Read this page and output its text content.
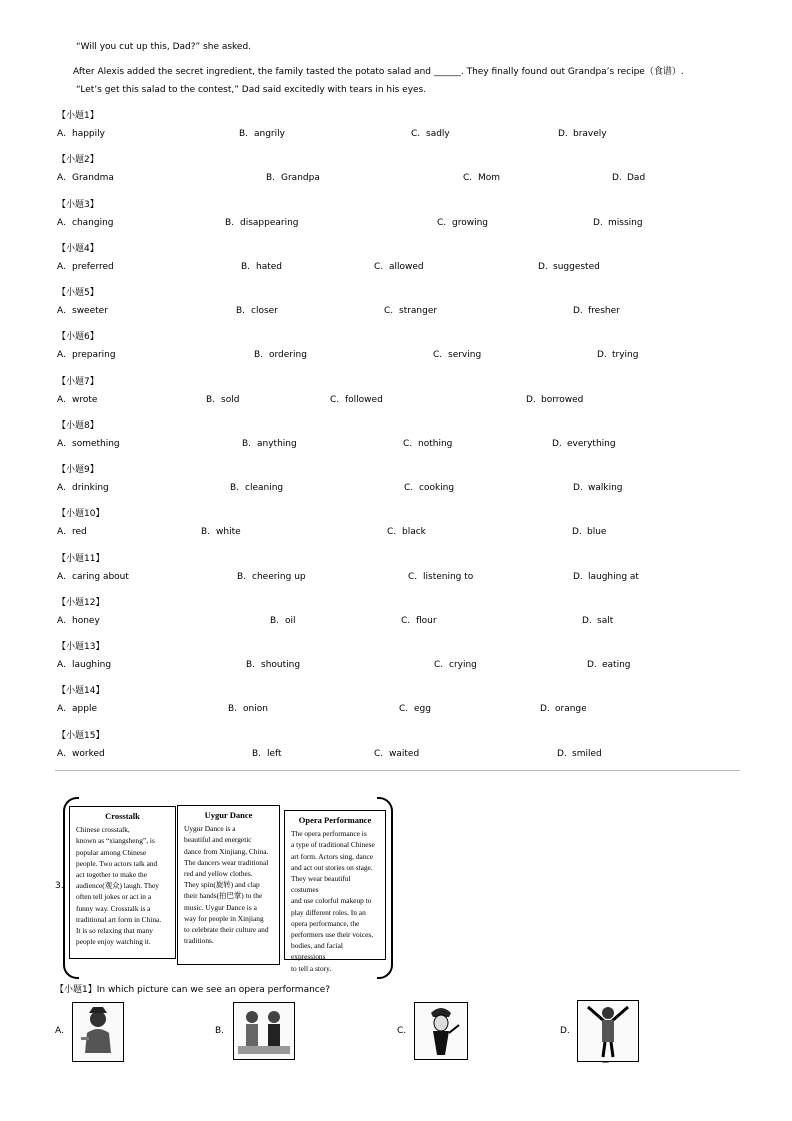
“Will you cut up this, Dad?” she asked.
After Alexis added the secret ingredient, the family tasted the potato salad and ______. They finally found out Grandpa’s recipe（食谱）.
“Let’s get this salad to the contest,” Dad said excitedly with tears in his eyes.
【小题1】
A. happily	B. angrily	C. sadly	D. bravely
【小题2】
A. Grandma	B. Grandpa	C. Mom	D. Dad
【小题3】
A. changing	B. disappearing	C. growing	D. missing
【小题4】
A. preferred	B. hated	C. allowed	D. suggested
【小题5】
A. sweeter	B. closer	C. stranger	D. fresher
【小题6】
A. preparing	B. ordering	C. serving	D. trying
【小题7】
A. wrote	B. sold	C. followed	D. borrowed
【小题8】
A. something	B. anything	C. nothing	D. everything
【小题9】
A. drinking	B. cleaning	C. cooking	D. walking
【小题10】
A. red	B. white	C. black	D. blue
【小题11】
A. caring about	B. cheering up	C. listening to	D. laughing at
【小题12】
A. honey	B. oil	C. flour	D. salt
【小题13】
A. laughing	B. shouting	C. crying	D. eating
【小题14】
A. apple	B. onion	C. egg	D. orange
【小题15】
A. worked	B. left	C. waited	D. smiled
3.
Crosstalk
Chinese crosstalk,
known as “xiangsheng”, is
popular among Chinese
people. Two actors talk and
act together to make the
audience(观众) laugh. They
often tell jokes or act in a
funny way. Crosstalk is a
traditional art form in China.
It is so relaxing that many
people enjoy watching it.
Uygur Dance
Uygur Dance is a
beautiful and energetic
dance from Xinjiang, China.
The dancers wear traditional
red and yellow clothes.
They spin(旋转) and clap
their hands(拍巴掌) to the
music. Uygur Dance is a
way for people in Xinjiang
to celebrate their culture and
traditions.
Opera Performance
The opera performance is
a type of traditional Chinese
art form. Actors sing, dance
and act out stories on stage.
They wear beautiful costumes
and use colorful makeup to
play different roles. In an
opera performance, the
performers use their voices,
bodies, and facial expressions
to tell a story.
【小题1】In which picture can we see an opera performance?
A.	B.	C.	D.
—
